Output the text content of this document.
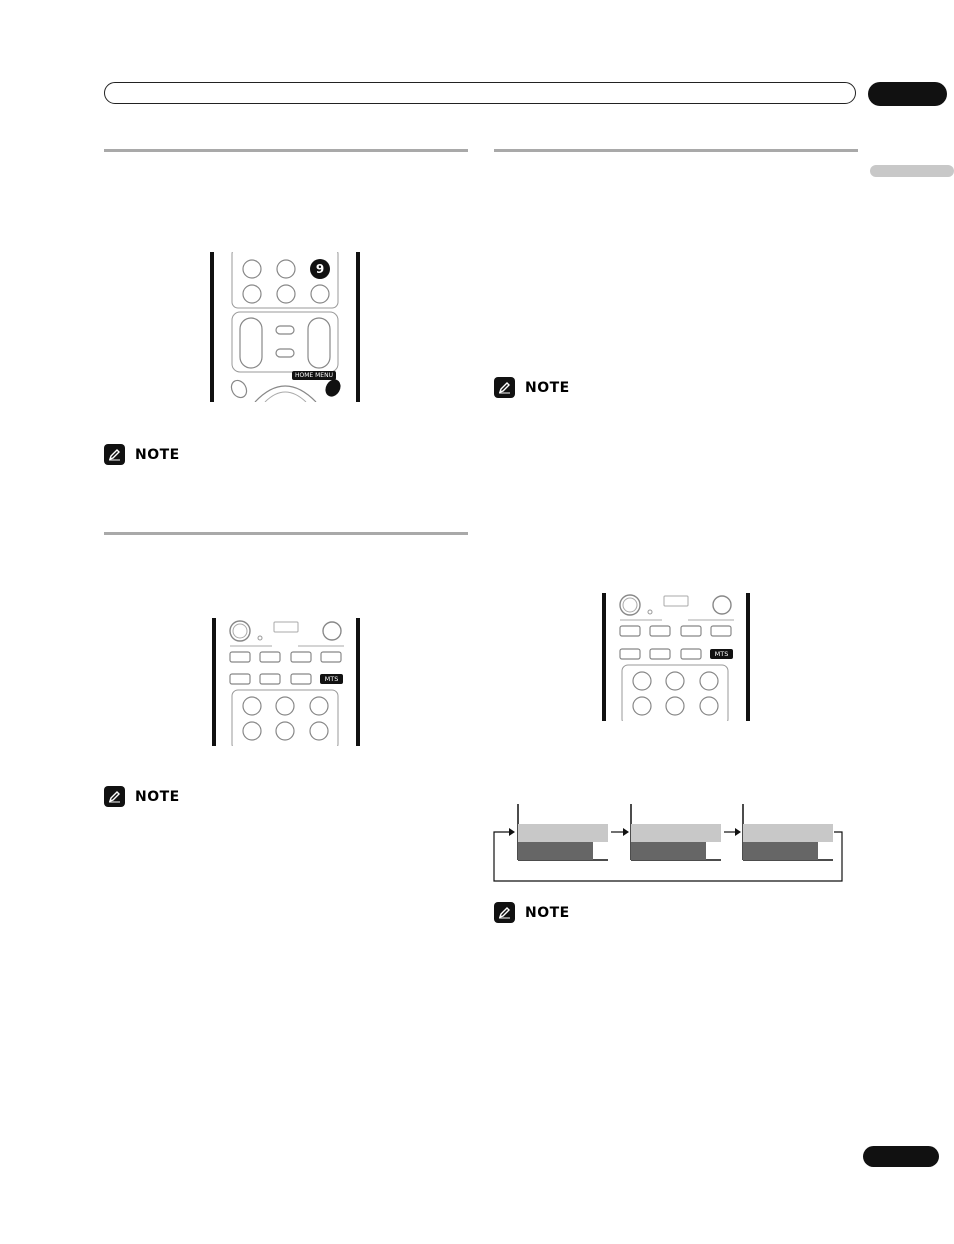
9
HOME MENU
NOTE
MTS
NOTE
NOTE
MTS
NOTE
